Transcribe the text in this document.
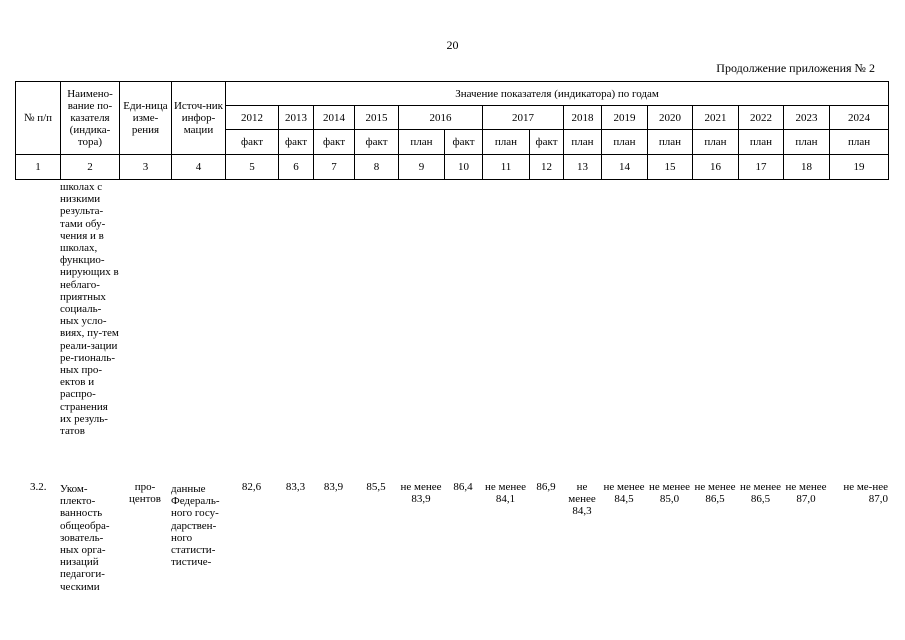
20
Продолжение приложения № 2
№ п/п	Наимено-вание по-казателя (индика-тора)	Еди-ница изме-рения	Источ-ник инфор-мации	Значение показателя (индикатора) по годам														
				2012	2013	2014	2015	2016		2017		2018	2019	2020	2021	2022	2023	2024
				факт	факт	факт	факт	план	факт	план	факт	план	план	план	план	план	план	план
1	2	3	4	5	6	7	8	9	10	11	12	13	14	15	16	17	18	19
	школах с низкими результа-тами обу-чения и в школах, функцио-нирующих в неблаго-приятных социаль-ных усло-виях, пу-тем реали-зации ре-гиональ-ных про-ектов и распро-странения их резуль-татов																	
3.2.	Уком-плекто-ванность общеобра-зователь-ных орга-низаций педагоги-ческими	про-центов	данные Федераль-ного госу-дарствен-ного статисти-тистиче-	82,6	83,3	83,9	85,5	не менее 83,9	86,4	не менее 84,1	86,9	не менее 84,3	не менее 84,5	не менее 85,0	не менее 86,5	не менее 86,5	не менее 87,0	не ме-нее 87,0
